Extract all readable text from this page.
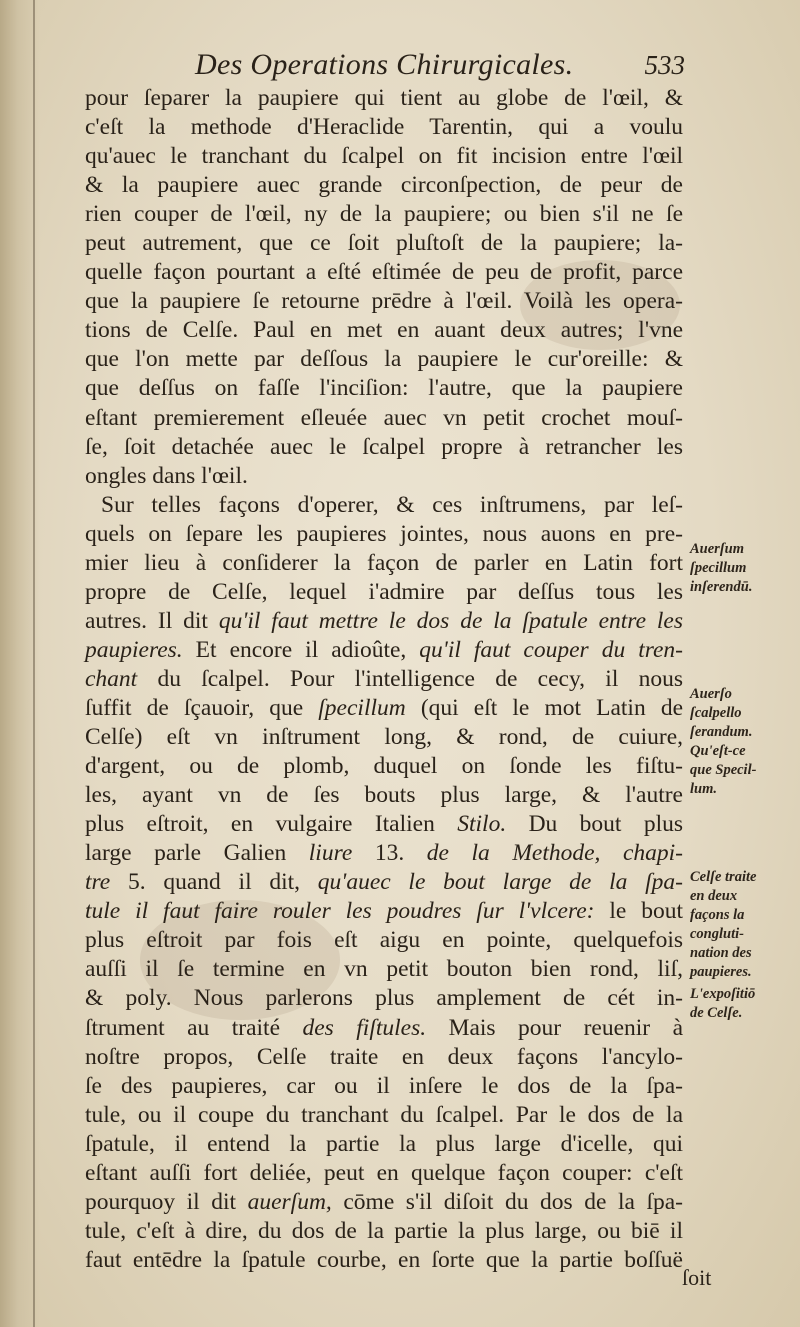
Des Operations Chirurgicales.	533
pour ſeparer la paupiere qui tient au globe de l'œil, &
c'eſt la methode d'Heraclide Tarentin, qui a voulu
qu'auec le tranchant du ſcalpel on fit incision entre l'œil
& la paupiere auec grande circonſpection, de peur de
rien couper de l'œil, ny de la paupiere; ou bien s'il ne ſe
peut autrement, que ce ſoit pluſtoſt de la paupiere; la-
quelle façon pourtant a eſté eſtimée de peu de profit, parce
que la paupiere ſe retourne prēdre à l'œil. Voilà les opera-
tions de Celſe. Paul en met en auant deux autres; l'vne
que l'on mette par deſſous la paupiere le cur'oreille: &
que deſſus on faſſe l'inciſion: l'autre, que la paupiere
eſtant premierement eſleuée auec vn petit crochet mouſ-
ſe, ſoit detachée auec le ſcalpel propre à retrancher les
ongles dans l'œil.
Sur telles façons d'operer, & ces inſtrumens, par leſ-
quels on ſepare les paupieres jointes, nous auons en pre-
mier lieu à conſiderer la façon de parler en Latin fort
propre de Celſe, lequel i'admire par deſſus tous les
autres. Il dit qu'il faut mettre le dos de la ſpatule entre les
paupieres. Et encore il adioûte, qu'il faut couper du tren-
chant du ſcalpel. Pour l'intelligence de cecy, il nous
ſuffit de ſçauoir, que ſpecillum (qui eſt le mot Latin de
Celſe) eſt vn inſtrument long, & rond, de cuiure,
d'argent, ou de plomb, duquel on ſonde les fiſtu-
les, ayant vn de ſes bouts plus large, & l'autre
plus eſtroit, en vulgaire Italien Stilo. Du bout plus
large parle Galien liure 13. de la Methode, chapi-
tre 5. quand il dit, qu'auec le bout large de la ſpa-
tule il faut faire rouler les poudres ſur l'vlcere: le bout
plus eſtroit par fois eſt aigu en pointe, quelquefois
auſſi il ſe termine en vn petit bouton bien rond, liſ,
& poly. Nous parlerons plus amplement de cét in-
ſtrument au traité des fiſtules. Mais pour reuenir à
noſtre propos, Celſe traite en deux façons l'ancylo-
ſe des paupieres, car ou il inſere le dos de la ſpa-
tule, ou il coupe du tranchant du ſcalpel. Par le dos de la
ſpatule, il entend la partie la plus large d'icelle, qui
eſtant auſſi fort deliée, peut en quelque façon couper: c'eſt
pourquoy il dit auerſum, cōme s'il diſoit du dos de la ſpa-
tule, c'eſt à dire, du dos de la partie la plus large, ou biē il
faut entēdre la ſpatule courbe, en ſorte que la partie boſſuë
Auerſum
ſpecillum
inſerendū.
Auerſo
ſcalpello
ſerandum.
Qu'eſt-ce
que Specil-
lum.
Celſe traite
en deux
façons la
congluti-
nation des
paupieres.
L'expoſitiō
de Celſe.
ſoit
